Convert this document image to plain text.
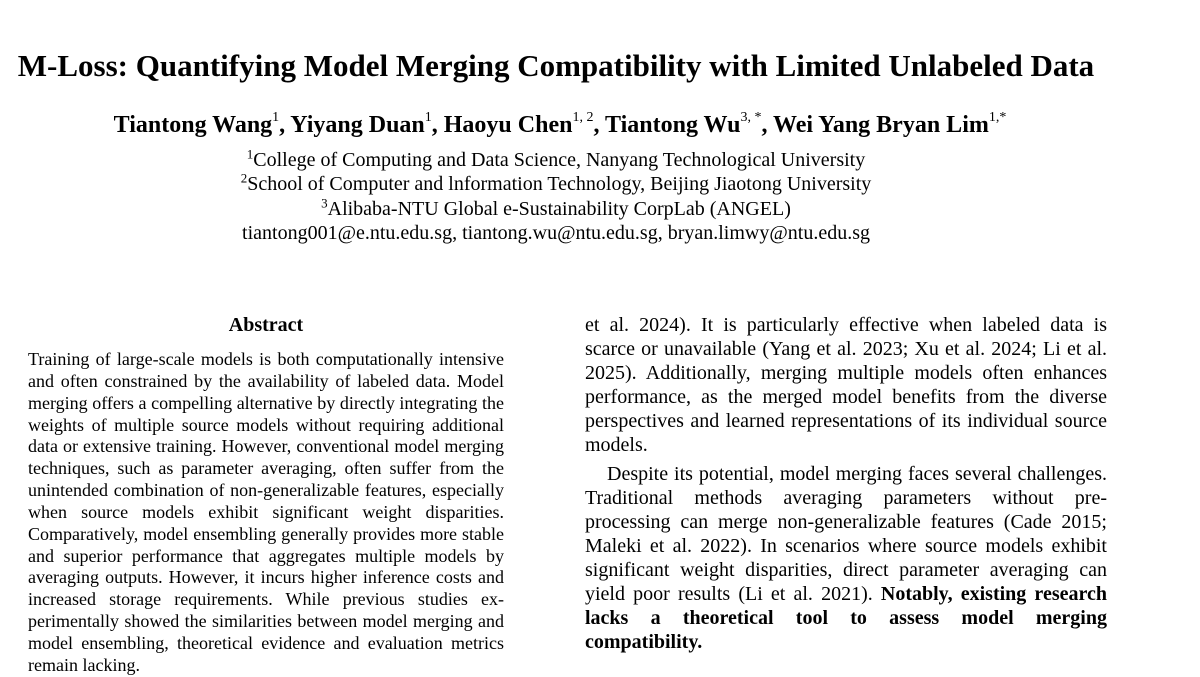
M-Loss: Quantifying Model Merging Compatibility with Limited Unlabeled Data
Tiantong Wang$^1$, Yiyang Duan$^1$, Haoyu Chen$^{1, 2}$, Tiantong $Wu^{3, *}$, Wei Yang Bryan Lim$^{1,*}$
$^1$College of Computing and Data Science, Nanyang Technological University
$^2$School of Computer and lnformation Technology, Beijing Jiaotong University
$^3$Alibaba-NTU Global e-Sustainability CorpLab (ANGEL)
tiantong001@e.ntu.edu.sg, tiantong.wu@ntu.edu.sg, bryan.limwy@ntu.edu.sg
Abstract
Training of large-scale models is both computationally intensive and often constrained by the availability of labeled data. Model merging offers a compelling alternative by directly integrating the weights of multiple source models without requiring additional data or extensive training. However, conventional model merging techniques, such as parameter averaging, often suffer from the unintended combination of non-generalizable features, especially when source models exhibit significant weight disparities. Comparatively, model ensembling generally provides more stable and superior performance that aggregates multiple models by averaging outputs. However, it incurs higher inference costs and increased storage requirements. While previous studies experimentally showed the similarities between model merging and model ensembling, theoretical evidence and evaluation metrics remain lacking.

et al. 2024). It is particularly effective when labeled data is scarce or unavailable (Yang et al. 2023; Xu et al. 2024; Li et al. 2025). Additionally, merging multiple models often enhances performance, as the merged model benefits from the diverse perspectives and learned representations of its individual source models.

Despite its potential, model merging faces several challenges. Traditional methods averaging parameters without pre-processing can merge non-generalizable features (Cade 2015; Maleki et al. 2022). In scenarios where source models exhibit significant weight disparities, direct parameter averaging can yield poor results (Li et al. 2021). Notably, existing research lacks a theoretical tool to assess model merging compatibility.
